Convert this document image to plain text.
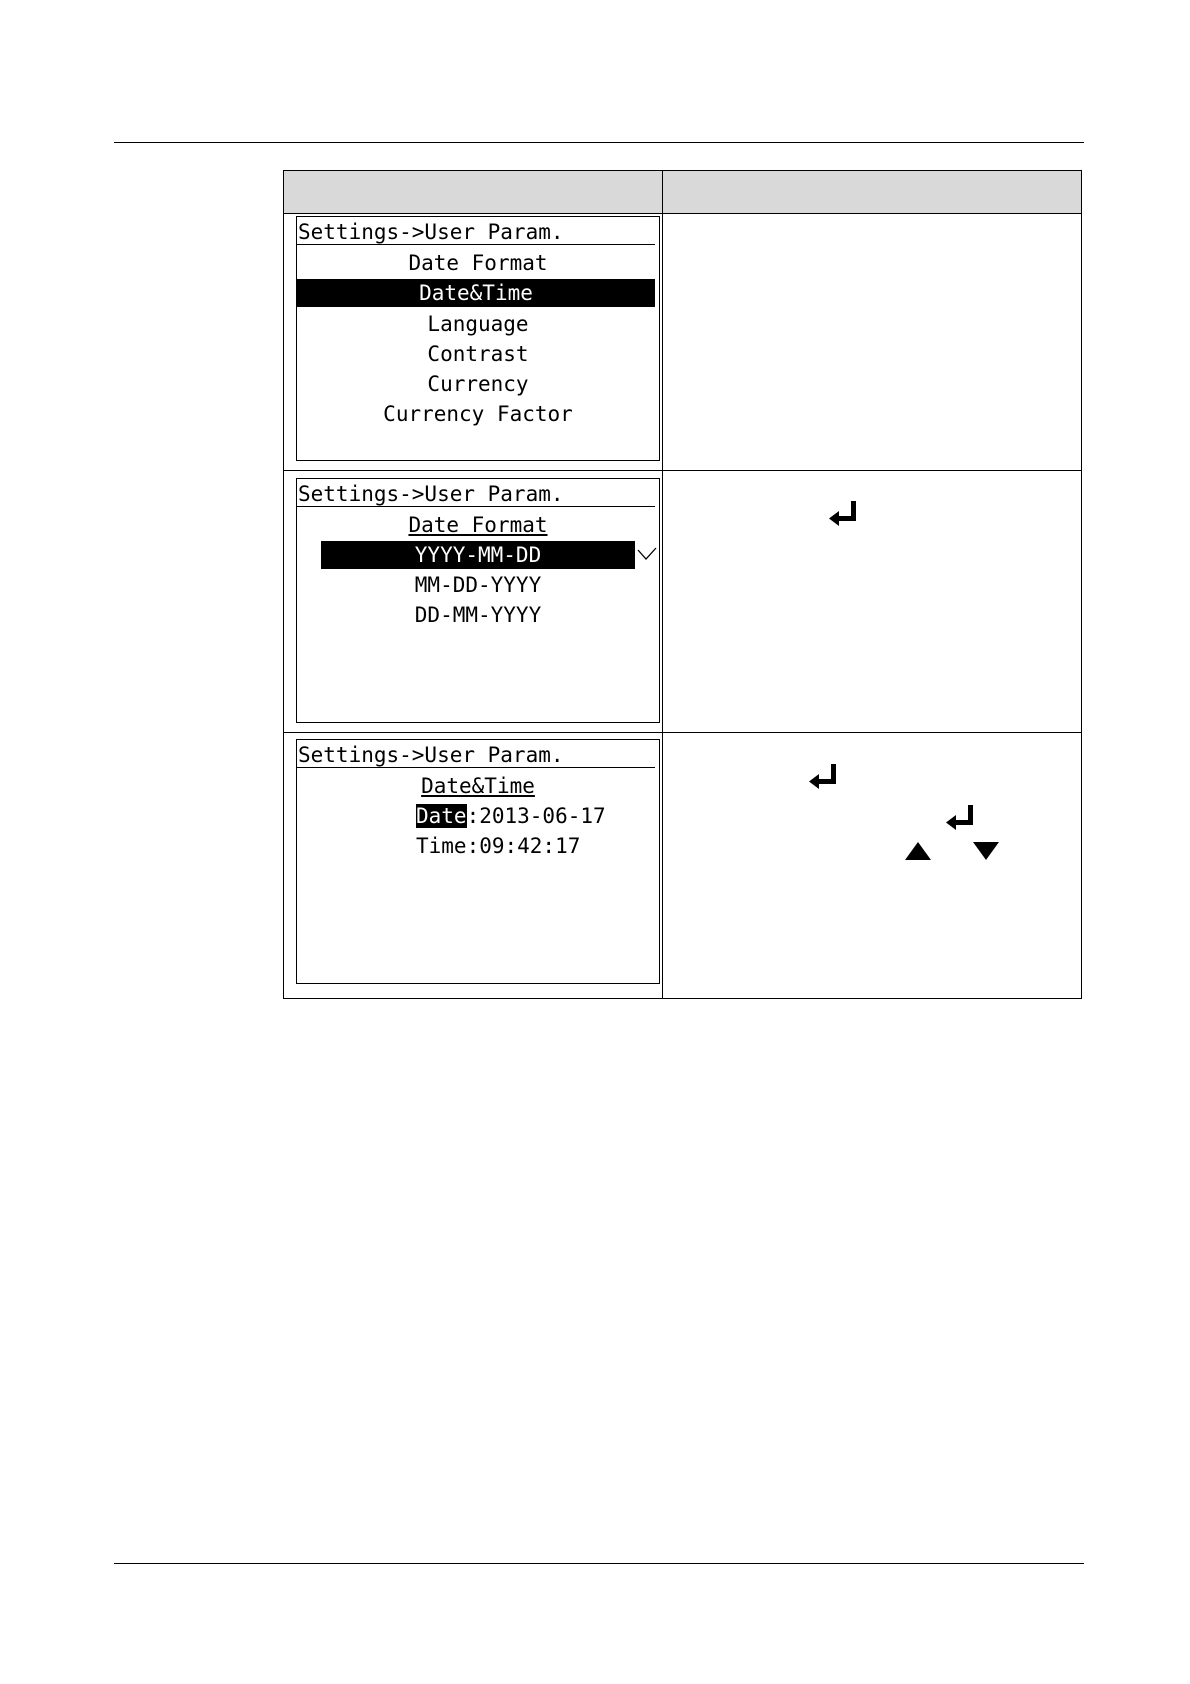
Settings->User Param.
Date Format
Date&Time
Language
Contrast
Currency
Currency Factor
Settings->User Param.
Date Format
YYYY-MM-DD
MM-DD-YYYY
DD-MM-YYYY
Settings->User Param.
Date&Time
Date:2013-06-17
Time:09:42:17
